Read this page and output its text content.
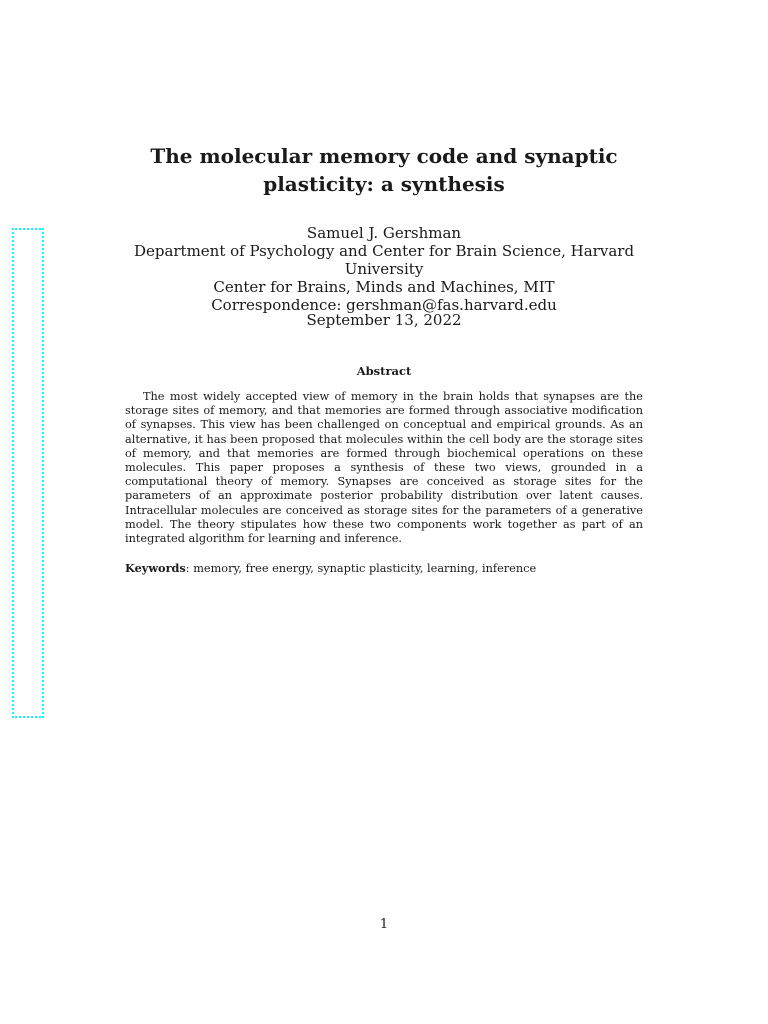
The molecular memory code and synaptic plasticity: a synthesis
Samuel J. Gershman
Department of Psychology and Center for Brain Science, Harvard University
Center for Brains, Minds and Machines, MIT
Correspondence: gershman@fas.harvard.edu
September 13, 2022
Abstract
The most widely accepted view of memory in the brain holds that synapses are the storage sites of memory, and that memories are formed through associative modification of synapses. This view has been challenged on conceptual and empirical grounds. As an alternative, it has been proposed that molecules within the cell body are the storage sites of memory, and that memories are formed through biochemical operations on these molecules. This paper proposes a synthesis of these two views, grounded in a computational theory of memory. Synapses are conceived as storage sites for the parameters of an approximate posterior probability distribution over latent causes. Intracellular molecules are conceived as storage sites for the parameters of a generative model. The theory stipulates how these two components work together as part of an integrated algorithm for learning and inference.
Keywords: memory, free energy, synaptic plasticity, learning, inference
1
